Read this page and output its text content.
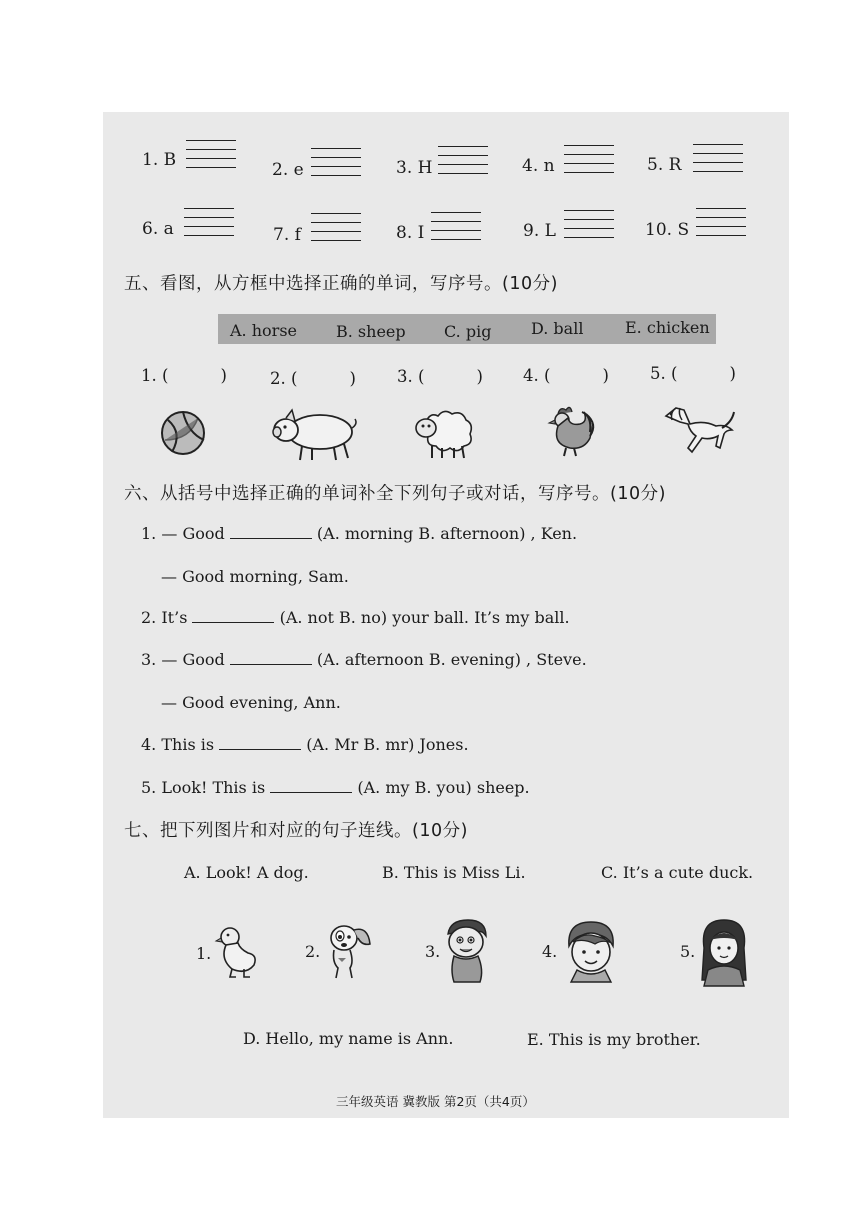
1. B	2. e	3. H	4. n	5. R
6. a	7. f	8. I	9. L	10. S
五、看图，从方框中选择正确的单词，写序号。(10分)
A. horse B. sheep C. pig D. ball	E. chicken
1. (	)	2. (	) 3. (	) 4. (	) 5. (	)
六、从括号中选择正确的单词补全下列句子或对话，写序号。(10分)
1. — Good	(A. morning B. afternoon) , Ken.
— Good morning, Sam.
2. It’s	(A. not B. no) your ball. It’s my ball.
3. — Good	(A. afternoon B. evening) , Steve.
— Good evening, Ann.
4. This is	(A. Mr B. mr) Jones.
5. Look! This is	(A. my B. you) sheep.
七、把下列图片和对应的句子连线。(10分)
A. Look! A dog.	B. This is Miss Li.	C. It’s a cute duck.
1.	2.	3.	4.	5.
D. Hello, my name is Ann.	E. This is my brother.
三年级英语 冀教版 第2页（共4页）
